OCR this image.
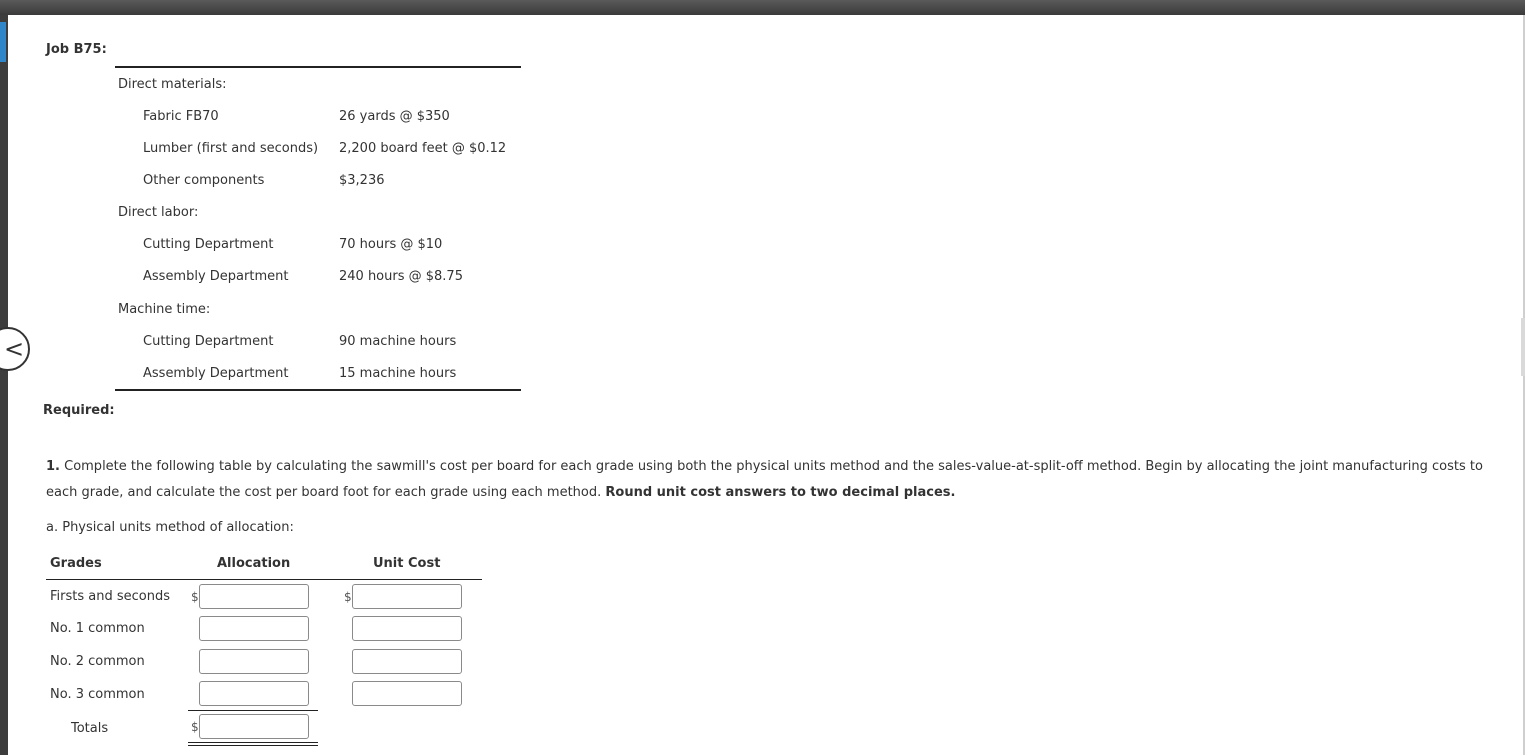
<
Job B75:
Direct materials:
Fabric FB70	26 yards @ $350
Lumber (first and seconds) 2,200 board feet @ $0.12
Other components	$3,236
Direct labor:
Cutting Department	70 hours @ $10
Assembly Department	240 hours @ $8.75
Machine time:
Cutting Department	90 machine hours
Assembly Department	15 machine hours
Required:
1. Complete the following table by calculating the sawmill's cost per board for each grade using both the physical units method and the sales-value-at-split-off method. Begin by allocating the joint manufacturing costs to each grade, and calculate the cost per board foot for each grade using each method. Round unit cost answers to two decimal places.
a. Physical units method of allocation:
Grades	Allocation	Unit Cost
Firsts and seconds $	$
No. 1 common
No. 2 common
No. 3 common
Totals	$
